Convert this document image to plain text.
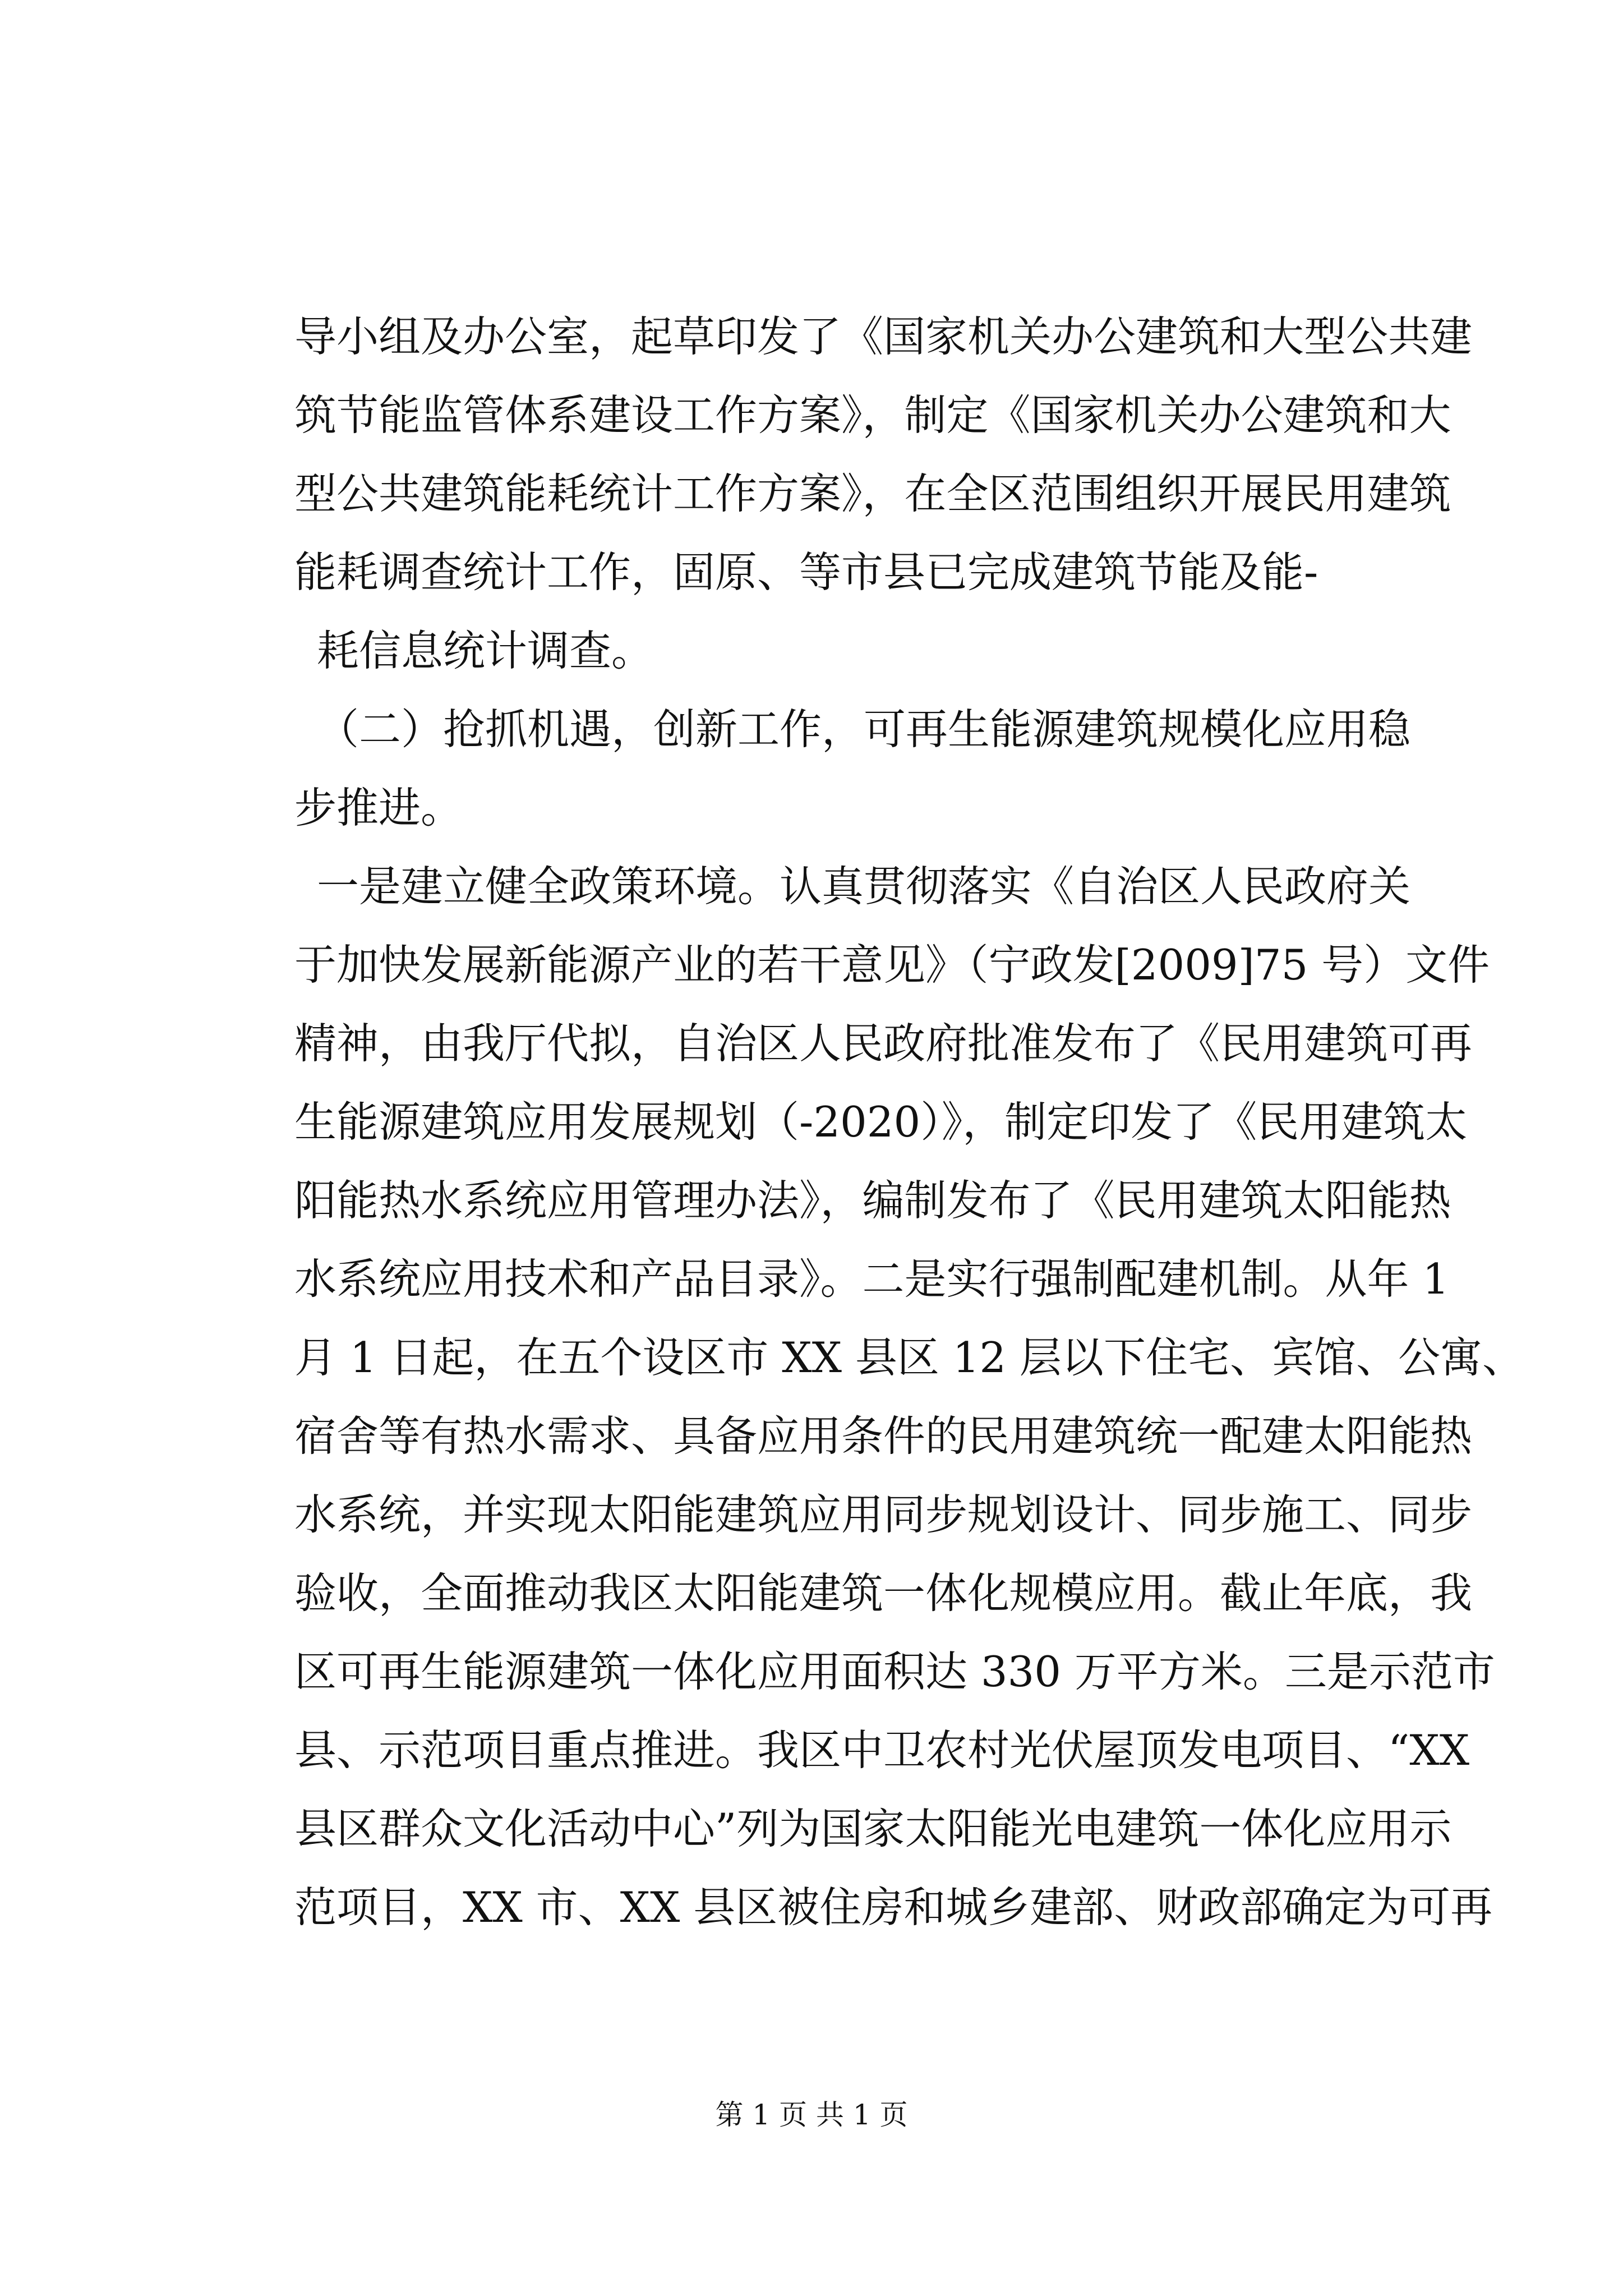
导小组及办公室，起草印发了《国家机关办公建筑和大型公共建
筑节能监管体系建设工作方案》，制定《国家机关办公建筑和大
型公共建筑能耗统计工作方案》，在全区范围组织开展民用建筑
能耗调查统计工作，固原、等市县已完成建筑节能及能-
耗信息统计调查。
（二）抢抓机遇，创新工作，可再生能源建筑规模化应用稳
步推进。
一是建立健全政策环境。认真贯彻落实《自治区人民政府关
于加快发展新能源产业的若干意见》（宁政发[2009]75 号）文件
精神，由我厅代拟，自治区人民政府批准发布了《民用建筑可再
生能源建筑应用发展规划（-2020）》，制定印发了《民用建筑太
阳能热水系统应用管理办法》，编制发布了《民用建筑太阳能热
水系统应用技术和产品目录》。二是实行强制配建机制。从年 1
月 1 日起，在五个设区市 XX 县区 12 层以下住宅、宾馆、公寓、
宿舍等有热水需求、具备应用条件的民用建筑统一配建太阳能热
水系统，并实现太阳能建筑应用同步规划设计、同步施工、同步
验收，全面推动我区太阳能建筑一体化规模应用。截止年底，我
区可再生能源建筑一体化应用面积达 330 万平方米。三是示范市
县、示范项目重点推进。我区中卫农村光伏屋顶发电项目、“XX
县区群众文化活动中心”列为国家太阳能光电建筑一体化应用示
范项目，XX 市、XX 县区被住房和城乡建部、财政部确定为可再
第 1 页 共 1 页
